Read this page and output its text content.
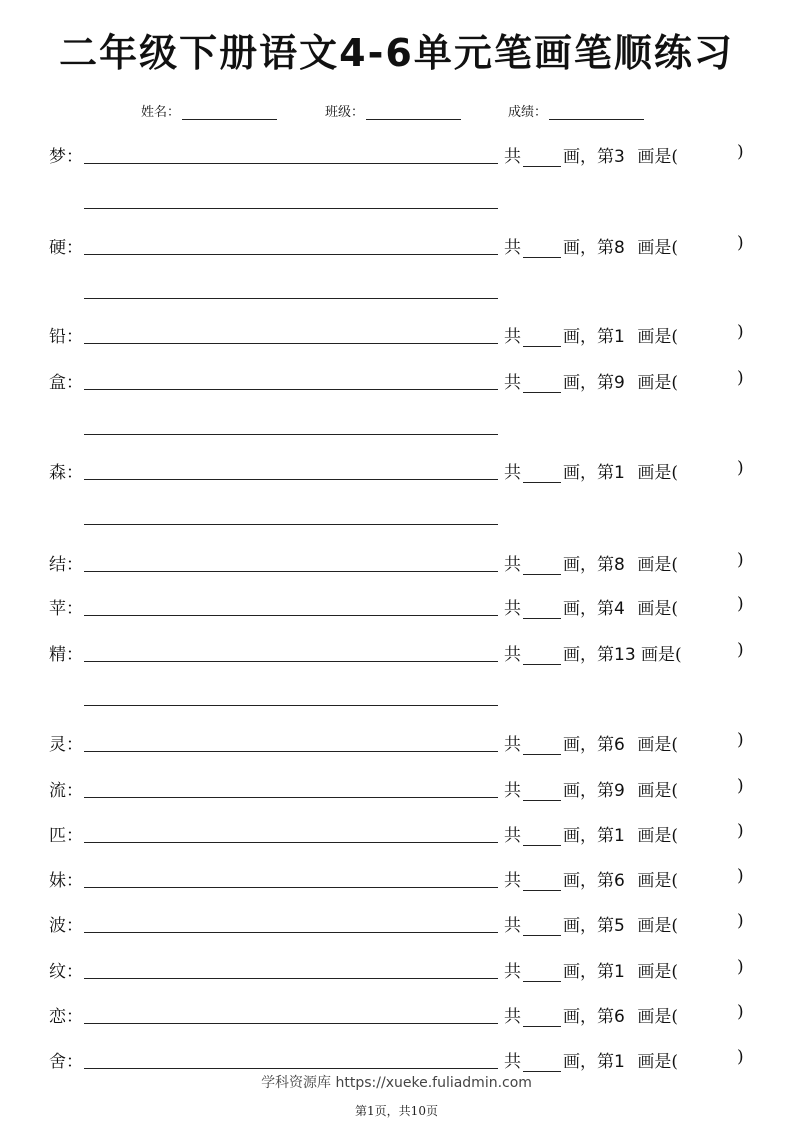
二年级下册语文4-6单元笔画笔顺练习
姓名：	班级：	成绩：
梦：	共 画，第3 画是(	)
硬：	共 画，第8 画是(	)
铅：	共 画，第1 画是(	)
盒：	共 画，第9 画是(	)
森：	共 画，第1 画是(	)
结：	共 画，第8 画是(	)
苹：	共 画，第4 画是(	)
精：	共 画，第13 画是(	)
灵：	共 画，第6 画是(	)
流：	共 画，第9 画是(	)
匹：	共 画，第1 画是(	)
妹：	共 画，第6 画是(	)
波：	共 画，第5 画是(	)
纹：	共 画，第1 画是(	)
恋：	共 画，第6 画是(	)
舍：	共 画，第1 画是(	)
学科资源库 https://xueke.fuliadmin.com
第1页，共10页
